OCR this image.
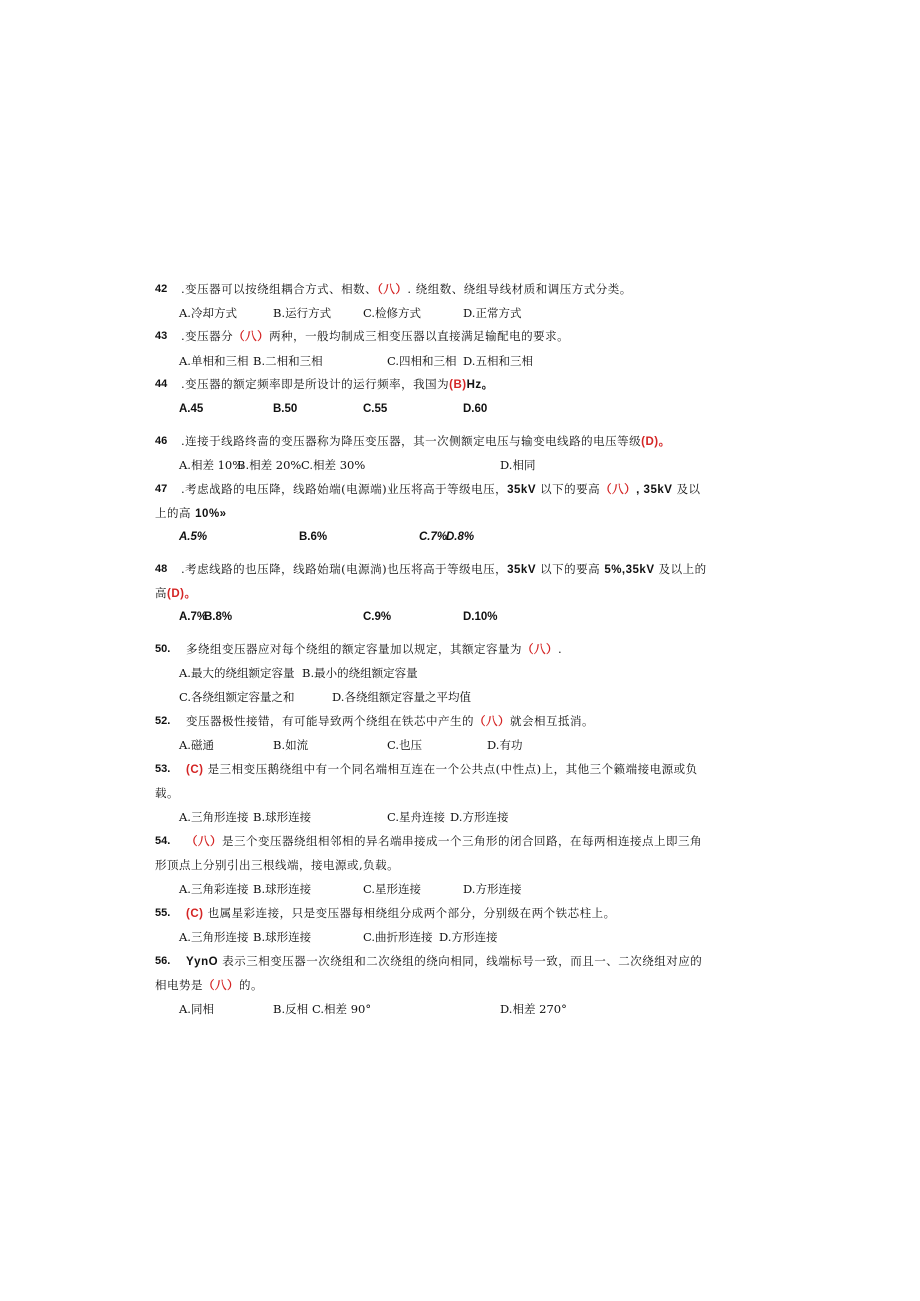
42 .变压器可以按绕组耦合方式、相数、（八）. 绕组数、绕组导线材质和调压方式分类。
A.冷却方式	B.运行方式	C.检修方式	D.正常方式
43 .变压器分（八）两种，一般均制成三相变压器以直接满足输配电的要求。
A.单相和三相 B.二相和三相	C.四相和三相 D.五相和三相
44 .变压器的额定频率即是所设计的运行频率，我国为(B)Hz。
A.45	B.50	C.55	D.60
46 .连接于线路终啬的变压器称为降压变压器，其一次侧额定电压与输变电线路的电压等级(D)。
A.相差 10%
B.相差 20% C.相差 30%	D.相同
47 .考虑战路的电压降，线路始端(电源端)业压将高于等级电压，35kV 以下的要高（八）, 35kV 及以
上的高 10%»
A.5%	B.6%	C.7%
D.8%
48 .考虑线路的也压降，线路始瑞(电源淌)也压将高于等级电压，35kV 以下的要高 5%,35kV 及以上的
高(D)。
A.7%
B.8%	C.9%	D.10%
50. 多绕组变压器应对每个绕组的额定容量加以规定，其额定容量为（八）.
A.最大的绕组额定容量 B.最小的绕组额定容量
C.各绕组额定容量之和	D.各绕组额定容量之平均值
52. 变压器极性接错，有可能导致两个绕组在铁芯中产生的（八）就会相互抵消。
A.磁通	B.如流	C.也压	D.有功
53. (C) 是三相变压鹅绕组中有一个同名端相互连在一个公共点(中性点)上，其他三个籁端接电源或负
载。
A.三角形连接 B.球形连接	C.星舟连接 D.方形连接
54. （八）是三个变压器绕组相邻相的异名端串接成一个三角形的闭合回路，在每两相连接点上即三角
形顶点上分别引出三根线端，接电源或,负载。
A.三角彩连接 B.球形连接	C.星形连接	D.方形连接
55. (C) 也属星彩连接，只是变压器每相绕组分成两个部分，分别级在两个铁芯柱上。
A.三角形连接 B.球形连接	C.曲折形连接 D.方形连接
56. YynO 表示三相变压器一次绕组和二次绕组的绕向相同，线端标号一致，而且一、二次绕组对应的
相电势是（八）的。
A.同相	B.反相 C.相差 90°	D.相差 270°
